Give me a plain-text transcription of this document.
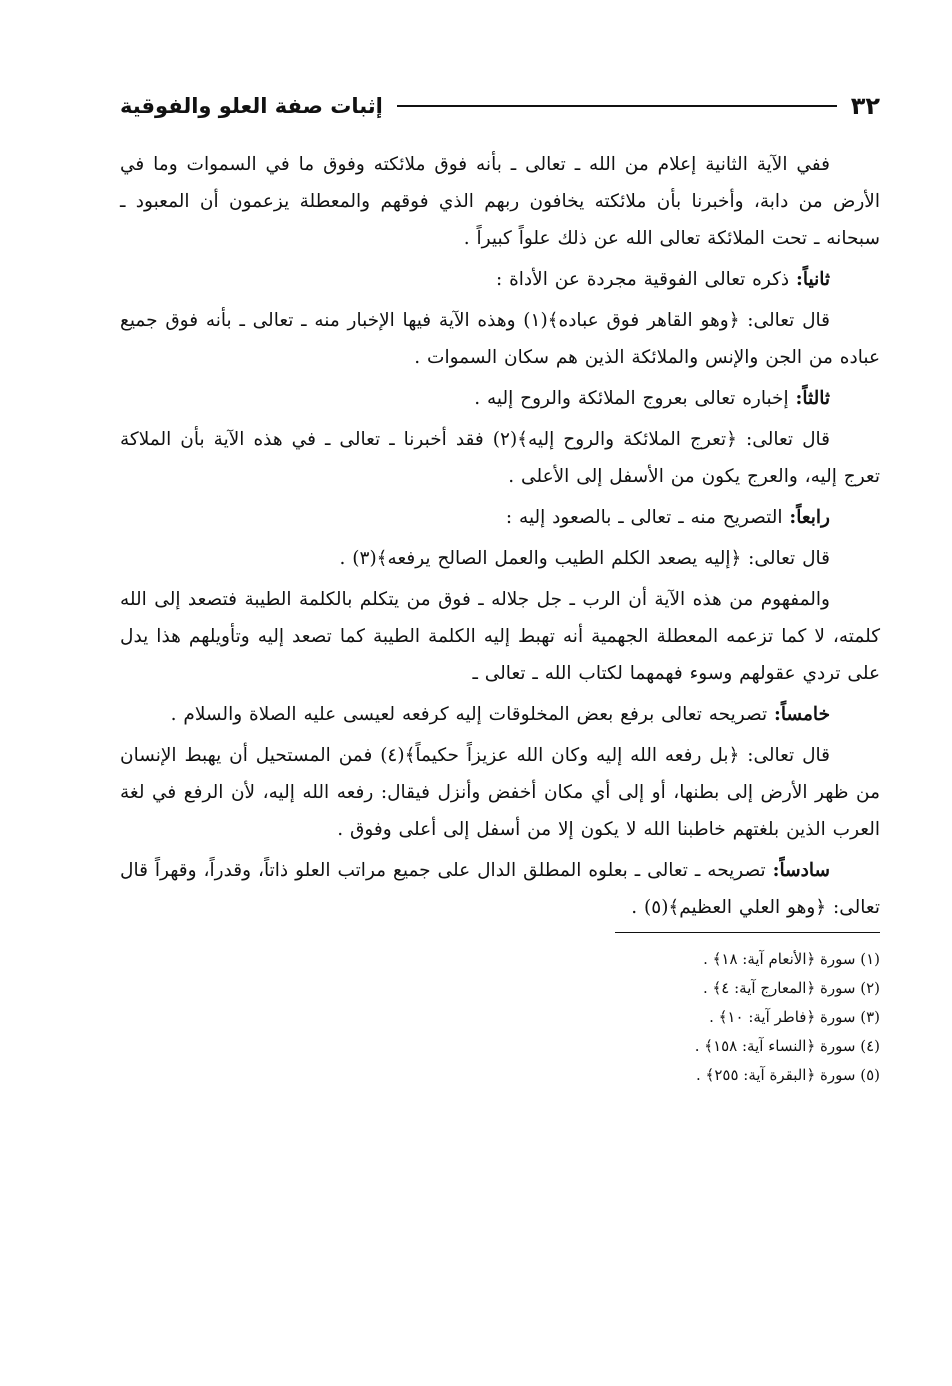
٣٢
إثبات صفة العلو والفوقية

ففي الآية الثانية إعلام من الله ـ تعالى ـ بأنه فوق ملائكته وفوق ما في السموات وما في الأرض من دابة، وأخبرنا بأن ملائكته يخافون ربهم الذي فوقهم والمعطلة يزعمون أن المعبود ـ سبحانه ـ تحت الملائكة تعالى الله عن ذلك علواً كبيراً .

ثانياً: ذكره تعالى الفوقية مجردة عن الأداة :

قال تعالى: ﴿وهو القاهر فوق عباده﴾(١) وهذه الآية فيها الإخبار منه ـ تعالى ـ بأنه فوق جميع عباده من الجن والإنس والملائكة الذين هم سكان السموات .

ثالثاً: إخباره تعالى بعروج الملائكة والروح إليه .

قال تعالى: ﴿تعرج الملائكة والروح إليه﴾(٢) فقد أخبرنا ـ تعالى ـ في هذه الآية بأن الملاكة تعرج إليه، والعرج يكون من الأسفل إلى الأعلى .

رابعاً: التصريح منه ـ تعالى ـ بالصعود إليه :

قال تعالى: ﴿إليه يصعد الكلم الطيب والعمل الصالح يرفعه﴾(٣) .

والمفهوم من هذه الآية أن الرب ـ جل جلاله ـ فوق من يتكلم بالكلمة الطيبة فتصعد إلى الله كلمته، لا كما تزعمه المعطلة الجهمية أنه تهبط إليه الكلمة الطيبة كما تصعد إليه وتأويلهم هذا يدل على تردي عقولهم وسوء فهمهما لكتاب الله ـ تعالى ـ

خامساً: تصريحه تعالى برفع بعض المخلوقات إليه كرفعه لعيسى عليه الصلاة والسلام .

قال تعالى: ﴿بل رفعه الله إليه وكان الله عزيزاً حكيماً﴾(٤) فمن المستحيل أن يهبط الإنسان من ظهر الأرض إلى بطنها، أو إلى أي مكان أخفض وأنزل فيقال: رفعه الله إليه، لأن الرفع في لغة العرب الذين بلغتهم خاطبنا الله لا يكون إلا من أسفل إلى أعلى وفوق .

سادساً: تصريحه ـ تعالى ـ بعلوه المطلق الدال على جميع مراتب العلو ذاتاً، وقدراً، وقهراً قال تعالى: ﴿وهو العلي العظيم﴾(٥) .

(١) سورة ﴿الأنعام آية: ١٨﴾ .
(٢) سورة ﴿المعارج آية: ٤﴾ .
(٣) سورة ﴿فاطر آية: ١٠﴾ .
(٤) سورة ﴿النساء آية: ١٥٨﴾ .
(٥) سورة ﴿البقرة آية: ٢٥٥﴾ .
